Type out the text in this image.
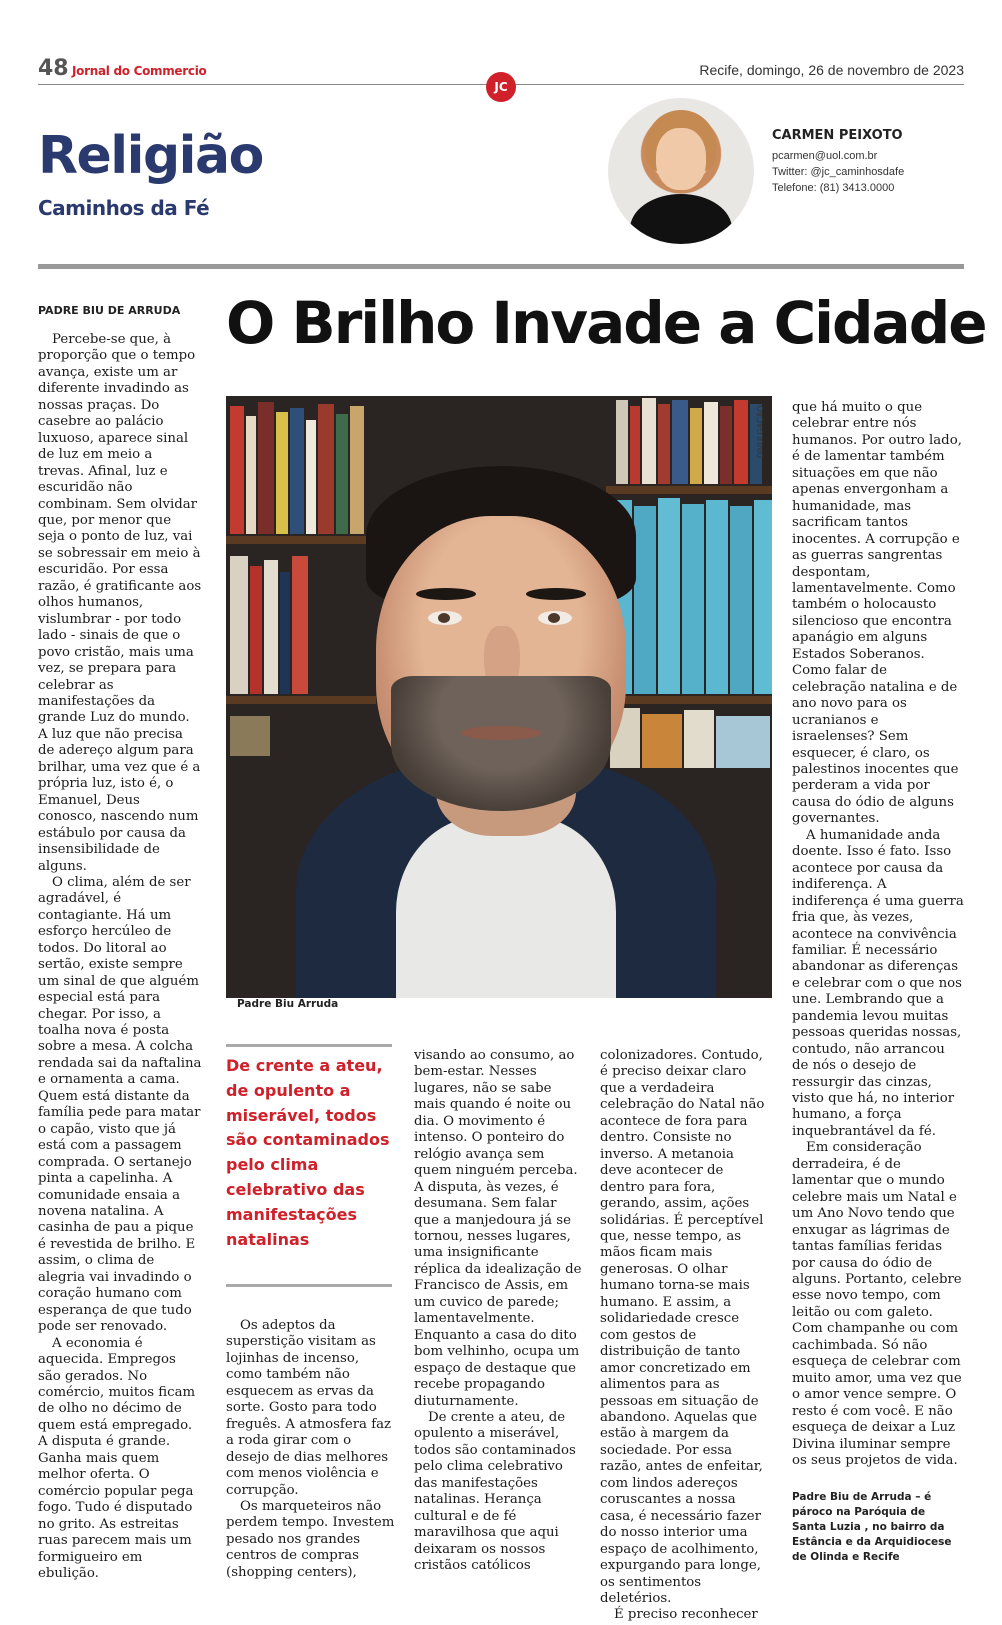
48 Jornal do Commercio	Recife, domingo, 26 de novembro de 2023
JC
Religião
Caminhos da Fé
CARMEN PEIXOTO
pcarmen@uol.com.br
Twitter: @jc_caminhosdafe
Telefone: (81) 3413.0000
PADRE BIU DE ARRUDA O Brilho Invade a Cidade

Percebe-se que, à proporção que o tempo avança, existe um ar diferente invadindo as nossas praças. Do casebre ao palácio luxuoso, aparece sinal de luz em meio a trevas. Afinal, luz e escuridão não combinam. Sem olvidar que, por menor que seja o ponto de luz, vai se sobressair em meio à escuridão. Por essa razão, é gratificante aos olhos humanos, vislumbrar - por todo lado - sinais de que o povo cristão, mais uma vez, se prepara para celebrar as manifestações da grande Luz do mundo. A luz que não precisa de adereço algum para brilhar, uma vez que é a própria luz, isto é, o Emanuel, Deus conosco, nascendo num estábulo por causa da insensibilidade de alguns.

O clima, além de ser agradável, é contagiante. Há um esforço hercúleo de todos. Do litoral ao sertão, existe sempre um sinal de que alguém especial está para chegar. Por isso, a toalha nova é posta sobre a mesa. A colcha rendada sai da naftalina e ornamenta a cama. Quem está distante da família pede para matar o capão, visto que já está com a passagem comprada. O sertanejo pinta a capelinha. A comunidade ensaia a novena natalina. A casinha de pau a pique é revestida de brilho. E assim, o clima de alegria vai invadindo o coração humano com esperança de que tudo pode ser renovado.

A economia é aquecida. Empregos são gerados. No comércio, muitos ficam de olho no décimo de quem está empregado. A disputa é grande. Ganha mais quem melhor oferta. O comércio popular pega fogo. Tudo é disputado no grito. As estreitas ruas parecem mais um formigueiro em ebulição.

DIVULGAÇÃO
Padre Biu Arruda
De crente a ateu, de opulento a miserável, todos são contaminados pelo clima celebrativo das manifestações natalinas

Os adeptos da superstição visitam as lojinhas de incenso, como também não esquecem as ervas da sorte. Gosto para todo freguês. A atmosfera faz a roda girar com o desejo de dias melhores com menos violência e corrupção.

Os marqueteiros não perdem tempo. Investem pesado nos grandes centros de compras (shopping centers),

visando ao consumo, ao bem-estar. Nesses lugares, não se sabe mais quando é noite ou dia. O movimento é intenso. O ponteiro do relógio avança sem quem ninguém perceba. A disputa, às vezes, é desumana. Sem falar que a manjedoura já se tornou, nesses lugares, uma insignificante réplica da idealização de Francisco de Assis, em um cuvico de parede; lamentavelmente. Enquanto a casa do dito bom velhinho, ocupa um espaço de destaque que recebe propagando diuturnamente.

De crente a ateu, de opulento a miserável, todos são contaminados pelo clima celebrativo das manifestações natalinas. Herança cultural e de fé maravilhosa que aqui deixaram os nossos cristãos católicos

colonizadores. Contudo, é preciso deixar claro que a verdadeira celebração do Natal não acontece de fora para dentro. Consiste no inverso. A metanoia deve acontecer de dentro para fora, gerando, assim, ações solidárias. É perceptível que, nesse tempo, as mãos ficam mais generosas. O olhar humano torna-se mais humano. E assim, a solidariedade cresce com gestos de distribuição de tanto amor concretizado em alimentos para as pessoas em situação de abandono. Aquelas que estão à margem da sociedade. Por essa razão, antes de enfeitar, com lindos adereços coruscantes a nossa casa, é necessário fazer do nosso interior uma espaço de acolhimento, expurgando para longe, os sentimentos deletérios.

É preciso reconhecer

que há muito o que celebrar entre nós humanos. Por outro lado, é de lamentar também situações em que não apenas envergonham a humanidade, mas sacrificam tantos inocentes. A corrupção e as guerras sangrentas despontam, lamentavelmente. Como também o holocausto silencioso que encontra apanágio em alguns Estados Soberanos. Como falar de celebração natalina e de ano novo para os ucranianos e israelenses? Sem esquecer, é claro, os palestinos inocentes que perderam a vida por causa do ódio de alguns governantes.

A humanidade anda doente. Isso é fato. Isso acontece por causa da indiferença. A indiferença é uma guerra fria que, às vezes, acontece na convivência familiar. É necessário abandonar as diferenças e celebrar com o que nos une. Lembrando que a pandemia levou muitas pessoas queridas nossas, contudo, não arrancou de nós o desejo de ressurgir das cinzas, visto que há, no interior humano, a força inquebrantável da fé.

Em consideração derradeira, é de lamentar que o mundo celebre mais um Natal e um Ano Novo tendo que enxugar as lágrimas de tantas famílias feridas por causa do ódio de alguns. Portanto, celebre esse novo tempo, com leitão ou com galeto. Com champanhe ou com cachimbada. Só não esqueça de celebrar com muito amor, uma vez que o amor vence sempre. O resto é com você. E não esqueça de deixar a Luz Divina iluminar sempre os seus projetos de vida.

Padre Biu de Arruda – é pároco na Paróquia de Santa Luzia , no bairro da Estância e da Arquidiocese de Olinda e Recife
